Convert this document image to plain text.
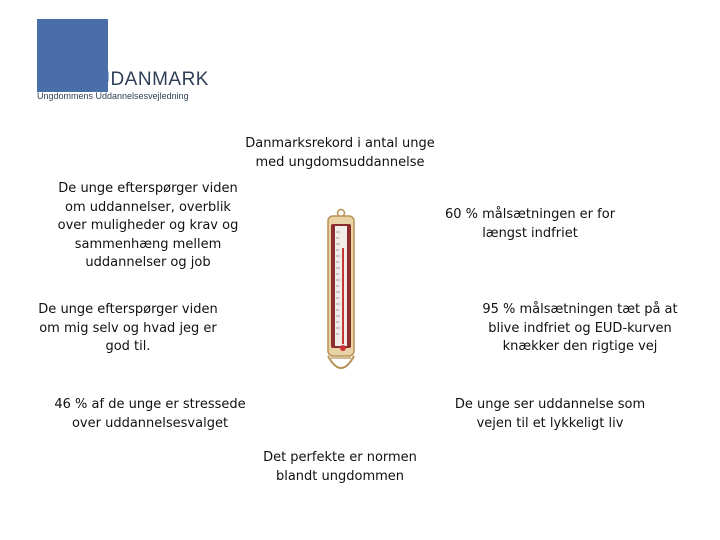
UUDANMARK
Ungdommens Uddannelsesvejledning
Danmarksrekord i antal unge
med ungdomsuddannelse
De unge efterspørger viden
om uddannelser, overblik
over muligheder og krav og
sammenhæng mellem
uddannelser og job
60 % målsætningen er for
længst indfriet
De unge efterspørger viden
om mig selv og hvad jeg er
god til.
95 % målsætningen tæt på at
blive indfriet og EUD-kurven
knækker den rigtige vej
46 % af de unge er stressede
over uddannelsesvalget
De unge ser uddannelse som
vejen til et lykkeligt liv
Det perfekte er normen
blandt ungdommen
